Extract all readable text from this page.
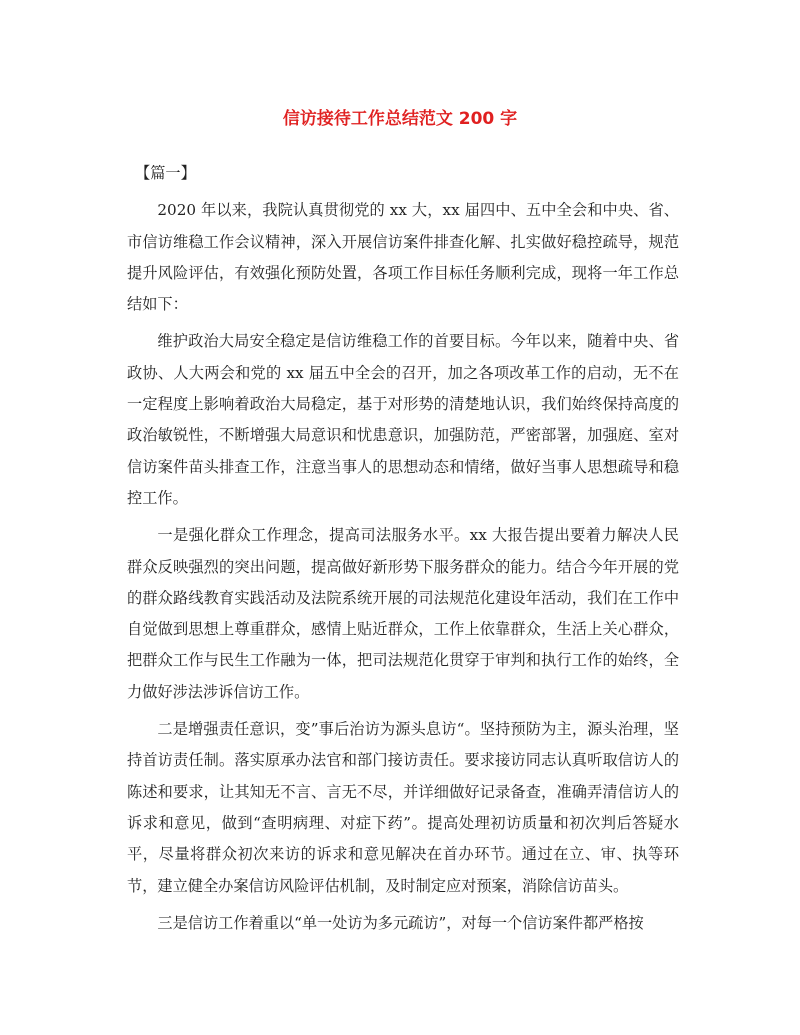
信访接待工作总结范文 200 字
【篇一】

2020 年以来，我院认真贯彻党的 xx 大，xx 届四中、五中全会和中央、省、市信访维稳工作会议精神，深入开展信访案件排查化解、扎实做好稳控疏导，规范提升风险评估，有效强化预防处置，各项工作目标任务顺利完成，现将一年工作总结如下：

维护政治大局安全稳定是信访维稳工作的首要目标。今年以来，随着中央、省政协、人大两会和党的 xx 届五中全会的召开，加之各项改革工作的启动，无不在一定程度上影响着政治大局稳定，基于对形势的清楚地认识，我们始终保持高度的政治敏锐性，不断增强大局意识和忧患意识，加强防范，严密部署，加强庭、室对信访案件苗头排查工作，注意当事人的思想动态和情绪，做好当事人思想疏导和稳控工作。

一是强化群众工作理念，提高司法服务水平。xx 大报告提出要着力解决人民群众反映强烈的突出问题，提高做好新形势下服务群众的能力。结合今年开展的党的群众路线教育实践活动及法院系统开展的司法规范化建设年活动，我们在工作中自觉做到思想上尊重群众，感情上贴近群众，工作上依靠群众，生活上关心群众，把群众工作与民生工作融为一体，把司法规范化贯穿于审判和执行工作的始终，全力做好涉法涉诉信访工作。

二是增强责任意识，变”事后治访为源头息访“。坚持预防为主，源头治理，坚持首访责任制。落实原承办法官和部门接访责任。要求接访同志认真听取信访人的陈述和要求，让其知无不言、言无不尽，并详细做好记录备查，准确弄清信访人的诉求和意见，做到“查明病理、对症下药”。提高处理初访质量和初次判后答疑水平，尽量将群众初次来访的诉求和意见解决在首办环节。通过在立、审、执等环节，建立健全办案信访风险评估机制，及时制定应对预案，消除信访苗头。

三是信访工作着重以“单一处访为多元疏访”，对每一个信访案件都严格按
